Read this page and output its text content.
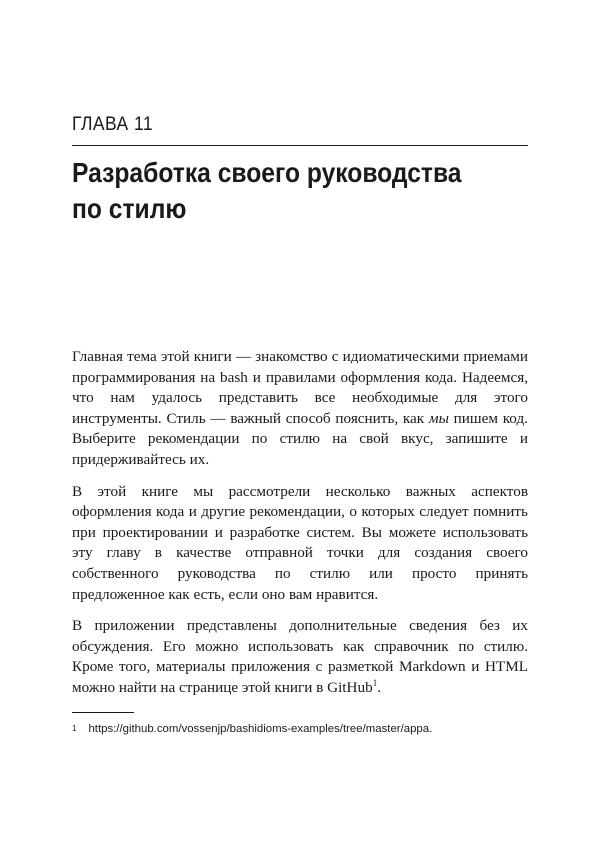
ГЛАВА 11
Разработка своего руководства по стилю

Главная тема этой книги — знакомство с идиоматическими приемами программирования на bash и правилами оформления кода. Надеемся, что нам удалось представить все необходимые для этого инструменты. Стиль — важный способ пояснить, как мы пишем код. Выберите рекомендации по стилю на свой вкус, запишите и придерживайтесь их.

В этой книге мы рассмотрели несколько важных аспектов оформления кода и другие рекомендации, о которых следует помнить при проектировании и разработке систем. Вы можете использовать эту главу в качестве отправной точки для создания своего собственного руководства по стилю или просто принять предложенное как есть, если оно вам нравится.

В приложении представлены дополнительные сведения без их обсуждения. Его можно использовать как справочник по стилю. Кроме того, материалы приложения с разметкой Markdown и HTML можно найти на странице этой книги в GitHub$^1$.

$^1$ https://github.com/vossenjp/bashidioms-examples/tree/master/appa.
